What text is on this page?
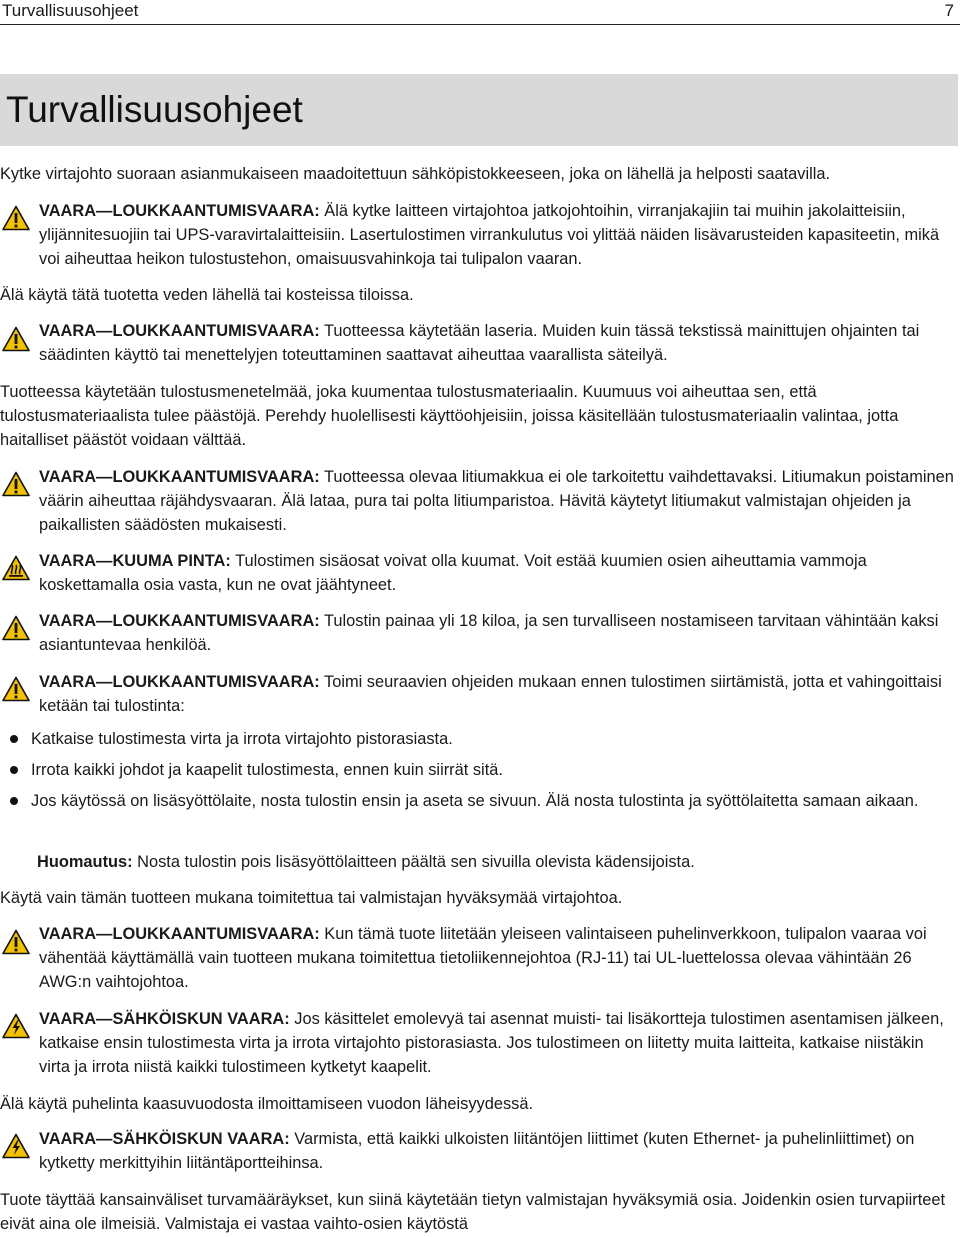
Turvallisuusohjeet	7
Turvallisuusohjeet

Kytke virtajohto suoraan asianmukaiseen maadoitettuun sähköpistokkeeseen, joka on lähellä ja helposti saatavilla.

VAARA—LOUKKAANTUMISVAARA: Älä kytke laitteen virtajohtoa jatkojohtoihin, virranjakajiin tai muihin jakolaitteisiin, ylijännitesuojiin tai UPS-varavirtalaitteisiin. Lasertulostimen virrankulutus voi ylittää näiden lisävarusteiden kapasiteetin, mikä voi aiheuttaa heikon tulostustehon, omaisuusvahinkoja tai tulipalon vaaran.

Älä käytä tätä tuotetta veden lähellä tai kosteissa tiloissa.

VAARA—LOUKKAANTUMISVAARA: Tuotteessa käytetään laseria. Muiden kuin tässä tekstissä mainittujen ohjainten tai säädinten käyttö tai menettelyjen toteuttaminen saattavat aiheuttaa vaarallista säteilyä.

Tuotteessa käytetään tulostusmenetelmää, joka kuumentaa tulostusmateriaalin. Kuumuus voi aiheuttaa sen, että tulostusmateriaalista tulee päästöjä. Perehdy huolellisesti käyttöohjeisiin, joissa käsitellään tulostusmateriaalin valintaa, jotta haitalliset päästöt voidaan välttää.

VAARA—LOUKKAANTUMISVAARA: Tuotteessa olevaa litiumakkua ei ole tarkoitettu vaihdettavaksi. Litiumakun poistaminen väärin aiheuttaa räjähdysvaaran. Älä lataa, pura tai polta litiumparistoa. Hävitä käytetyt litiumakut valmistajan ohjeiden ja paikallisten säädösten mukaisesti.

VAARA—KUUMA PINTA: Tulostimen sisäosat voivat olla kuumat. Voit estää kuumien osien aiheuttamia vammoja koskettamalla osia vasta, kun ne ovat jäähtyneet.

VAARA—LOUKKAANTUMISVAARA: Tulostin painaa yli 18 kiloa, ja sen turvalliseen nostamiseen tarvitaan vähintään kaksi asiantuntevaa henkilöä.

VAARA—LOUKKAANTUMISVAARA: Toimi seuraavien ohjeiden mukaan ennen tulostimen siirtämistä, jotta et vahingoittaisi ketään tai tulostinta:

Katkaise tulostimesta virta ja irrota virtajohto pistorasiasta.

Irrota kaikki johdot ja kaapelit tulostimesta, ennen kuin siirrät sitä.

Jos käytössä on lisäsyöttölaite, nosta tulostin ensin ja aseta se sivuun. Älä nosta tulostinta ja syöttölaitetta samaan aikaan.

Huomautus: Nosta tulostin pois lisäsyöttölaitteen päältä sen sivuilla olevista kädensijoista.

Käytä vain tämän tuotteen mukana toimitettua tai valmistajan hyväksymää virtajohtoa.

VAARA—LOUKKAANTUMISVAARA: Kun tämä tuote liitetään yleiseen valintaiseen puhelinverkkoon, tulipalon vaaraa voi vähentää käyttämällä vain tuotteen mukana toimitettua tietoliikennejohtoa (RJ-11) tai UL-luettelossa olevaa vähintään 26 AWG:n vaihtojohtoa.

VAARA—SÄHKÖISKUN VAARA: Jos käsittelet emolevyä tai asennat muisti- tai lisäkortteja tulostimen asentamisen jälkeen, katkaise ensin tulostimesta virta ja irrota virtajohto pistorasiasta. Jos tulostimeen on liitetty muita laitteita, katkaise niistäkin virta ja irrota niistä kaikki tulostimeen kytketyt kaapelit.

Älä käytä puhelinta kaasuvuodosta ilmoittamiseen vuodon läheisyydessä.

VAARA—SÄHKÖISKUN VAARA: Varmista, että kaikki ulkoisten liitäntöjen liittimet (kuten Ethernet- ja puhelinliittimet) on kytketty merkittyihin liitäntäportteihinsa.

Tuote täyttää kansainväliset turvamääräykset, kun siinä käytetään tietyn valmistajan hyväksymiä osia. Joidenkin osien turvapiirteet eivät aina ole ilmeisiä. Valmistaja ei vastaa vaihto-osien käytöstä
